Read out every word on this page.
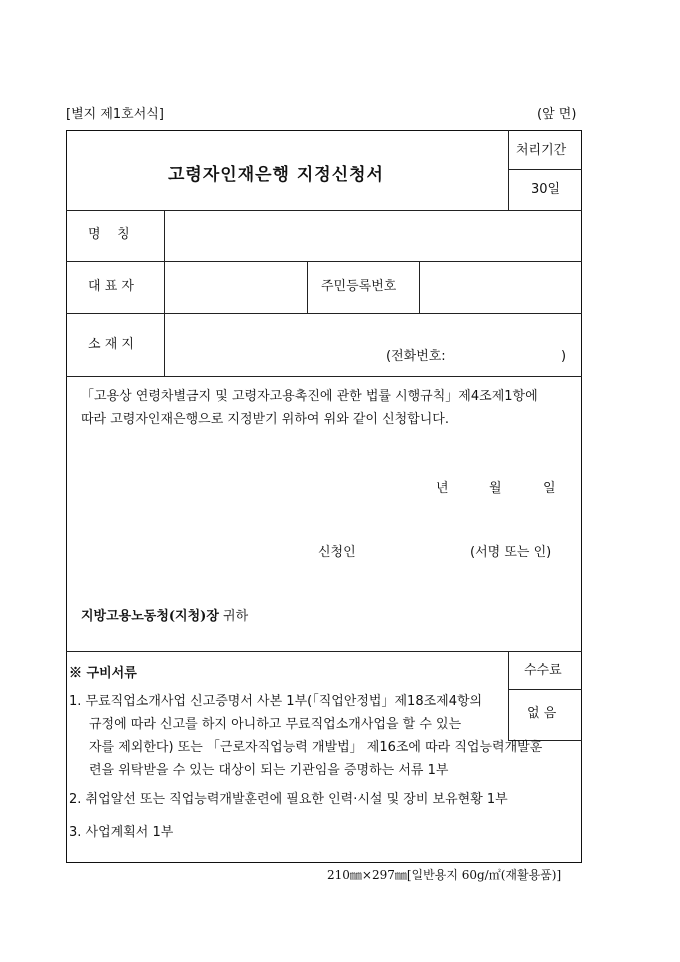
[별지 제1호서식]	(앞 면)
고령자인재은행 지정신청서
처리기간
30일
명    칭
대 표 자	주민등록번호
소 재 지
(전화번호:	)
「고용상 연령차별금지 및 고령자고용촉진에 관한 법률 시행규칙」제4조제1항에
따라 고령자인재은행으로 지정받기 위하여 위와 같이 신청합니다.
년	월	일
신청인	(서명 또는 인)
지방고용노동청(지청)장 귀하
※ 구비서류	수수료
없 음
1. 무료직업소개사업 신고증명서 사본 1부(「직업안정법」제18조제4항의
규정에 따라 신고를 하지 아니하고 무료직업소개사업을 할 수 있는
자를 제외한다) 또는 「근로자직업능력 개발법」 제16조에 따라 직업능력개발훈
련을 위탁받을 수 있는 대상이 되는 기관임을 증명하는 서류 1부
2. 취업알선 또는 직업능력개발훈련에 필요한 인력·시설 및 장비 보유현황 1부
3. 사업계획서 1부
210㎜×297㎜[일반용지 60g/㎡(재활용품)]
